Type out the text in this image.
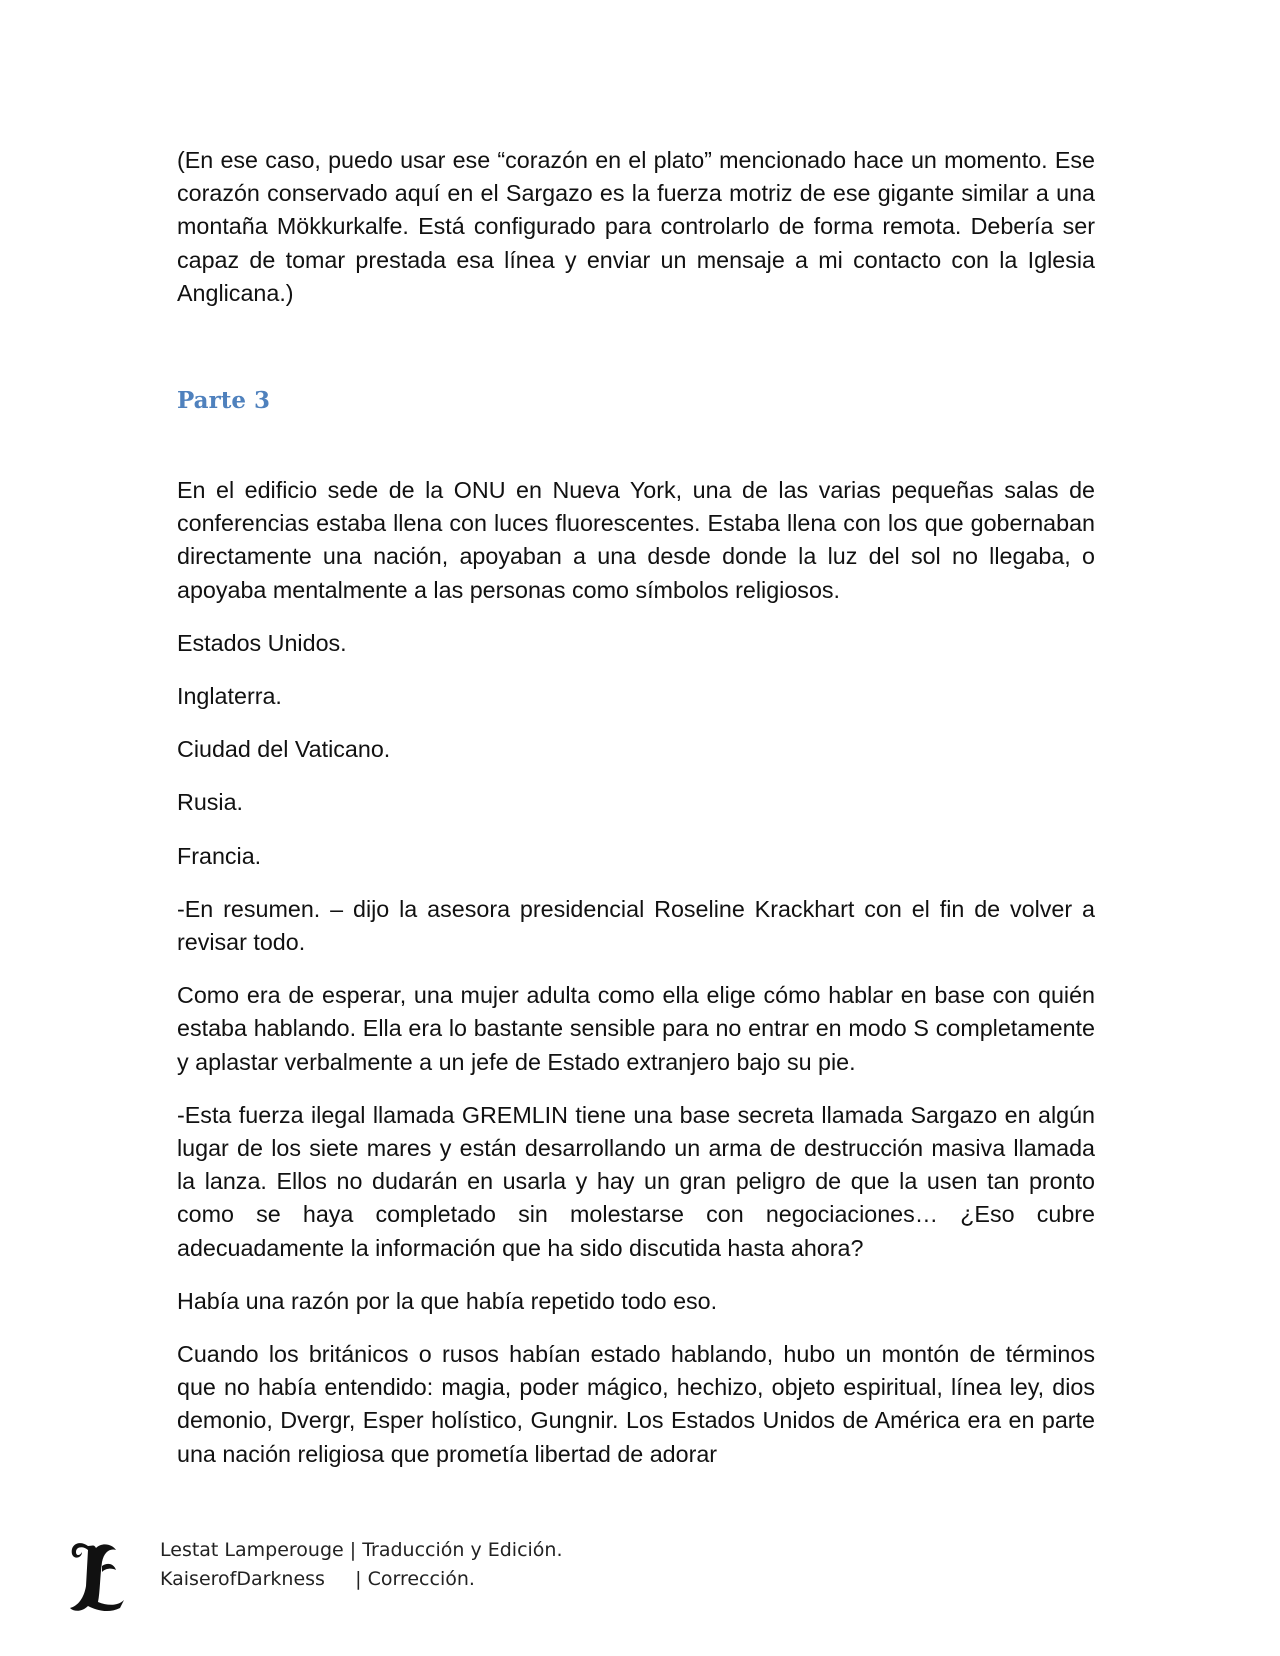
(En ese caso, puedo usar ese “corazón en el plato” mencionado hace un momento. Ese corazón conservado aquí en el Sargazo es la fuerza motriz de ese gigante similar a una montaña Mökkurkalfe. Está configurado para controlarlo de forma remota. Debería ser capaz de tomar prestada esa línea y enviar un mensaje a mi contacto con la Iglesia Anglicana.)

Parte 3

En el edificio sede de la ONU en Nueva York, una de las varias pequeñas salas de conferencias estaba llena con luces fluorescentes. Estaba llena con los que gobernaban directamente una nación, apoyaban a una desde donde la luz del sol no llegaba, o apoyaba mentalmente a las personas como símbolos religiosos.

Estados Unidos.

Inglaterra.

Ciudad del Vaticano.

Rusia.

Francia.

-En resumen. – dijo la asesora presidencial Roseline Krackhart con el fin de volver a revisar todo.

Como era de esperar, una mujer adulta como ella elige cómo hablar en base con quién estaba hablando. Ella era lo bastante sensible para no entrar en modo S completamente y aplastar verbalmente a un jefe de Estado extranjero bajo su pie.

-Esta fuerza ilegal llamada GREMLIN tiene una base secreta llamada Sargazo en algún lugar de los siete mares y están desarrollando un arma de destrucción masiva llamada la lanza. Ellos no dudarán en usarla y hay un gran peligro de que la usen tan pronto como se haya completado sin molestarse con negociaciones… ¿Eso cubre adecuadamente la información que ha sido discutida hasta ahora?

Había una razón por la que había repetido todo eso.

Cuando los británicos o rusos habían estado hablando, hubo un montón de términos que no había entendido: magia, poder mágico, hechizo, objeto espiritual, línea ley, dios demonio, Dvergr, Esper holístico, Gungnir. Los Estados Unidos de América era en parte una nación religiosa que prometía libertad de adorar

Lestat Lamperouge | Traducción y Edición.
KaiserofDarkness     | Corrección.
